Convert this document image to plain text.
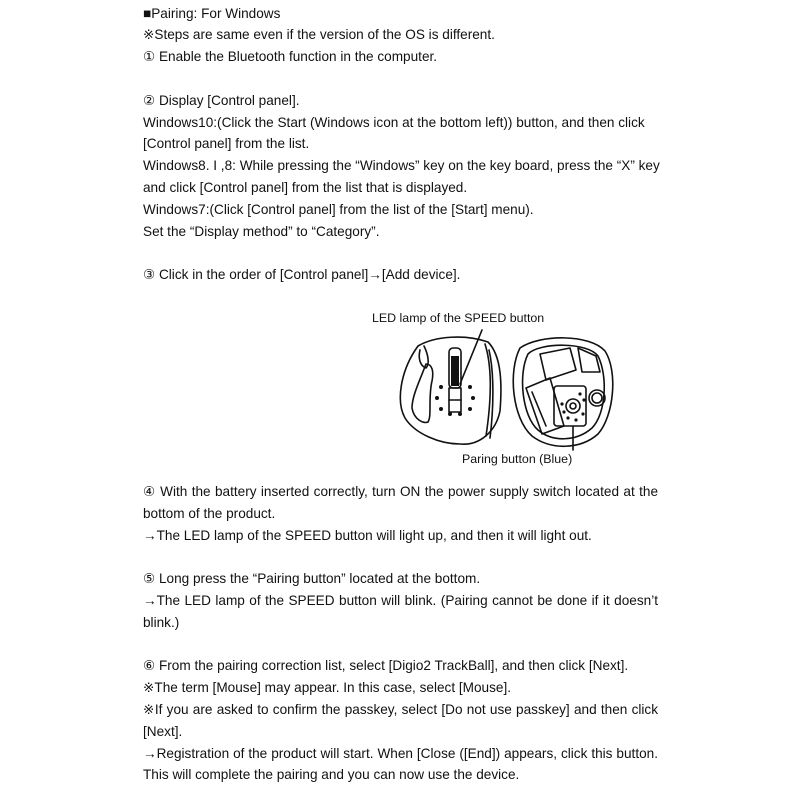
■Pairing: For Windows
※Steps are same even if the version of the OS is different.
① Enable the Bluetooth function in the computer.
② Display [Control panel].
Windows10:(Click the Start (Windows icon at the bottom left)) button, and then click
[Control panel] from the list.
Windows8. I ,8: While pressing the “Windows” key on the key board, press the “X” key
and click [Control panel] from the list that is displayed.
Windows7:(Click [Control panel] from the list of the [Start] menu).
Set the “Display method” to “Category”.
③ Click in the order of [Control panel]→[Add device].
LED lamp of the SPEED button
Paring button (Blue)
④ With the battery inserted correctly, turn ON the power supply switch located at the
bottom of the product.
→The LED lamp of the SPEED button will light up, and then it will light out.
⑤ Long press the “Pairing button” located at the bottom.
→The LED lamp of the SPEED button will blink. (Pairing cannot be done if it doesn’t
blink.)
⑥ From the pairing correction list, select [Digio2 TrackBall], and then click [Next].
※The term [Mouse] may appear. In this case, select [Mouse].
※If you are asked to confirm the passkey, select [Do not use passkey] and then click
[Next].
→Registration of the product will start. When [Close ([End]) appears, click this button.
This will complete the pairing and you can now use the device.
